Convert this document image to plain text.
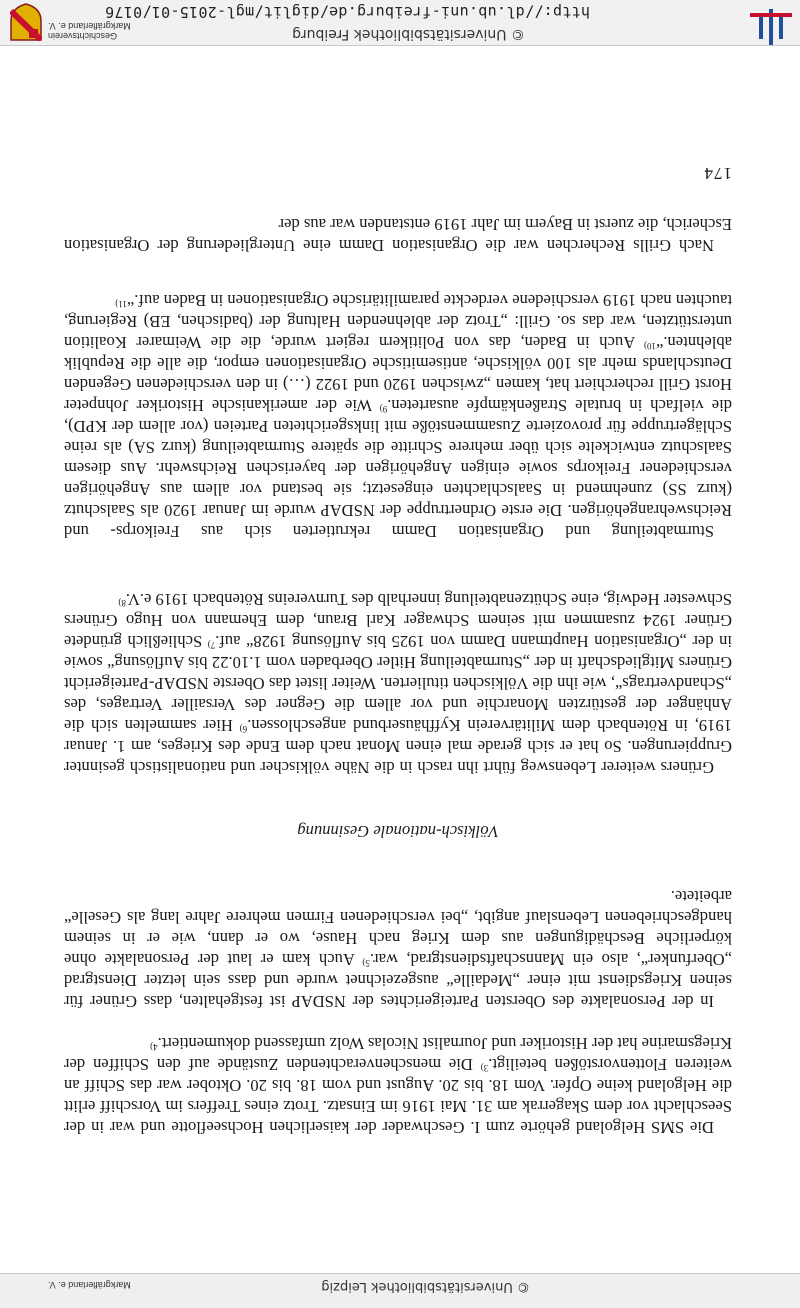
© Universitätsbibliothek Freiburg
http://dl.ub.uni-freiburg.de/diglit/mgl-2015-01/0176
Geschichtsverein
Markgräflerland e. V.
© Universitätsbibliothek Leipzig
Markgräflerland e. V.

Die SMS Helgoland gehörte zum I. Geschwader der kaiserlichen Hochseeflotte und war in der Seeschlacht vor dem Skagerrak am 31. Mai 1916 im Einsatz. Trotz eines Treffers im Vorschiff erlitt die Helgoland keine Opfer. Vom 18. bis 20. August und vom 18. bis 20. Oktober war das Schiff an weiteren Flottenvorstößen beteiligt.$^{3)}$ Die menschenverachtenden Zustände auf den Schiffen der Kriegsmarine hat der Historiker und Journalist Nicolas Wolz umfassend dokumentiert.$^{4)}$

In der Personalakte des Obersten Parteigerichtes der NSDAP ist festgehalten, dass Grüner für seinen Kriegsdienst mit einer „Medaille“ ausgezeichnet wurde und dass sein letzter Dienstgrad „Oberfunker“, also ein Mannschaftsdienstgrad, war.$^{5)}$ Auch kam er laut der Personalakte ohne körperliche Beschädigungen aus dem Krieg nach Hause, wo er dann, wie er in seinem handgeschriebenen Lebenslauf angibt, „bei verschiedenen Firmen mehrere Jahre lang als Geselle“ arbeitete.

Völkisch-nationale Gesinnung

Grüners weiterer Lebensweg führt ihn rasch in die Nähe völkischer und nationalistisch gesinnter Gruppierungen. So hat er sich gerade mal einen Monat nach dem Ende des Krieges, am 1. Januar 1919, in Rötenbach dem Militärverein Kyffhäuserbund angeschlossen.$^{6)}$ Hier sammelten sich die Anhänger der gestürzten Monarchie und vor allem die Gegner des Versailler Vertrages, des „Schandvertrags“, wie ihn die Völkischen titulierten. Weiter listet das Oberste NSDAP-Parteigericht Grüners Mitgliedschaft in der „Sturmabteilung Hitler Oberbaden vom 1.10.22 bis Auflösung“ sowie in der „Organisation Hauptmann Damm von 1925 bis Auflösung 1928“ auf.$^{7)}$ Schließlich gründete Grüner 1924 zusammen mit seinem Schwager Karl Braun, dem Ehemann von Hugo Grüners Schwester Hedwig, eine Schützenabteilung innerhalb des Turnvereins Rötenbach 1919 e.V.$^{8)}$

Sturmabteilung und Organisation Damm rekrutierten sich aus Freikorps- und Reichswehrangehörigen. Die erste Ordnertruppe der NSDAP wurde im Januar 1920 als Saalschutz (kurz SS) zunehmend in Saalschlachten eingesetzt; sie bestand vor allem aus Angehörigen verschiedener Freikorps sowie einigen Angehörigen der bayerischen Reichswehr. Aus diesem Saalschutz entwickelte sich über mehrere Schritte die spätere Sturmabteilung (kurz SA) als reine Schlägertruppe für provozierte Zusammenstöße mit linksgerichteten Parteien (vor allem der KPD), die vielfach in brutale Straßenkämpfe ausarteten.$^{9)}$ Wie der amerikanische Historiker Johnpeter Horst Grill recherchiert hat, kamen „zwischen 1920 und 1922 (…) in den verschiedenen Gegenden Deutschlands mehr als 100 völkische, antisemitische Organisationen empor, die alle die Republik ablehnten.“$^{10)}$ Auch in Baden, das von Politikern regiert wurde, die die Weimarer Koalition unterstützten, war das so. Grill: „Trotz der ablehnenden Haltung der (badischen, EB) Regierung, tauchten nach 1919 verschiedene verdeckte paramilitärische Organisationen in Baden auf.“$^{11)}$

Nach Grills Recherchen war die Organisation Damm eine Untergliederung der Organisation Escherich, die zuerst in Bayern im Jahr 1919 entstanden war aus der

174
